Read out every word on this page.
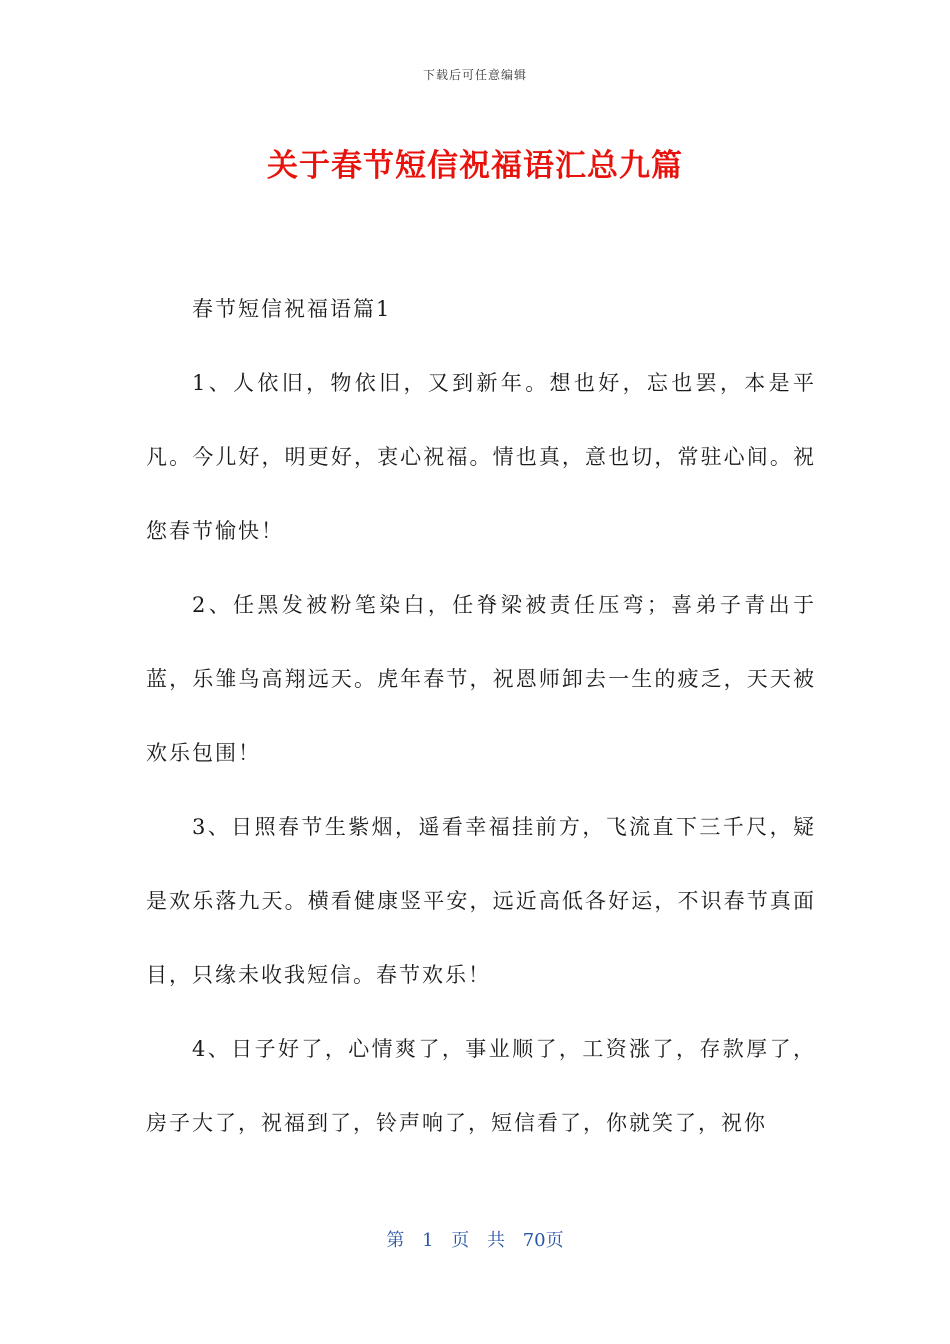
下载后可任意编辑
关于春节短信祝福语汇总九篇

春节短信祝福语篇1

1、人依旧，物依旧，又到新年。想也好，忘也罢，本是平凡。今儿好，明更好，衷心祝福。情也真，意也切，常驻心间。祝您春节愉快！

2、任黑发被粉笔染白，任脊梁被责任压弯；喜弟子青出于蓝，乐雏鸟高翔远天。虎年春节，祝恩师卸去一生的疲乏，天天被欢乐包围！

3、日照春节生紫烟，遥看幸福挂前方，飞流直下三千尺，疑是欢乐落九天。横看健康竖平安，远近高低各好运，不识春节真面目，只缘未收我短信。春节欢乐！

4、日子好了，心情爽了，事业顺了，工资涨了，存款厚了，房子大了，祝福到了，铃声响了，短信看了，你就笑了，祝你

第 1 页 共 70页
